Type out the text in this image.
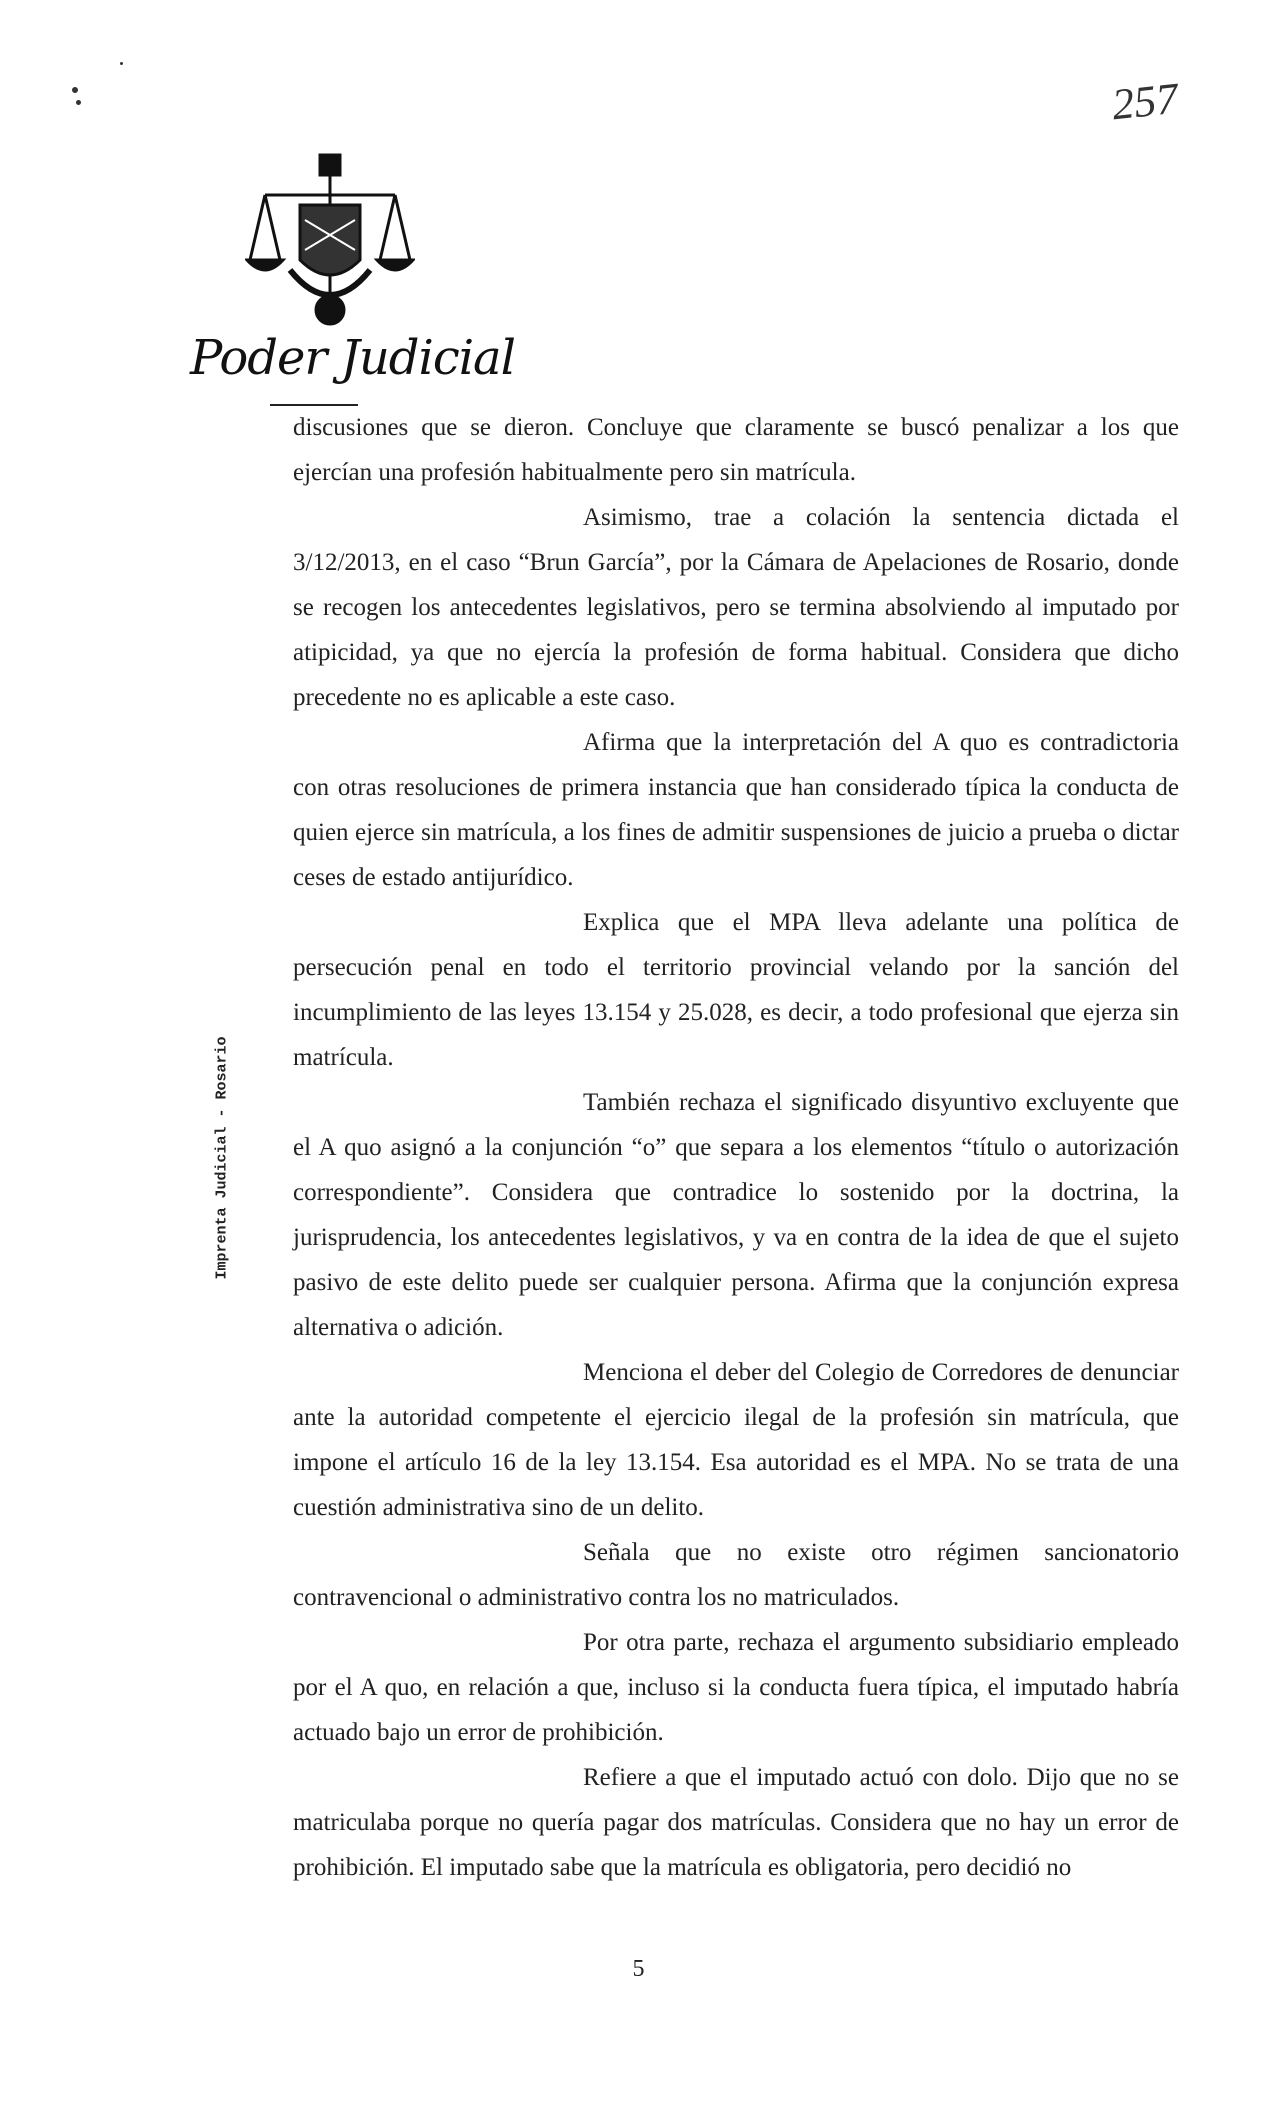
257
Poder Judicial
Imprenta Judicial - Rosario

discusiones que se dieron. Concluye que claramente se buscó penalizar a los que ejercían una profesión habitualmente pero sin matrícula.

Asimismo, trae a colación la sentencia dictada el 3/12/2013, en el caso “Brun García”, por la Cámara de Apelaciones de Rosario, donde se recogen los antecedentes legislativos, pero se termina absolviendo al imputado por atipicidad, ya que no ejercía la profesión de forma habitual. Considera que dicho precedente no es aplicable a este caso.

Afirma que la interpretación del A quo es contradictoria con otras resoluciones de primera instancia que han considerado típica la conducta de quien ejerce sin matrícula, a los fines de admitir suspensiones de juicio a prueba o dictar ceses de estado antijurídico.

Explica que el MPA lleva adelante una política de persecución penal en todo el territorio provincial velando por la sanción del incumplimiento de las leyes 13.154 y 25.028, es decir, a todo profesional que ejerza sin matrícula.

También rechaza el significado disyuntivo excluyente que el A quo asignó a la conjunción “o” que separa a los elementos “título o autorización correspondiente”. Considera que contradice lo sostenido por la doctrina, la jurisprudencia, los antecedentes legislativos, y va en contra de la idea de que el sujeto pasivo de este delito puede ser cualquier persona. Afirma que la conjunción expresa alternativa o adición.

Menciona el deber del Colegio de Corredores de denunciar ante la autoridad competente el ejercicio ilegal de la profesión sin matrícula, que impone el artículo 16 de la ley 13.154. Esa autoridad es el MPA. No se trata de una cuestión administrativa sino de un delito.

Señala que no existe otro régimen sancionatorio contravencional o administrativo contra los no matriculados.

Por otra parte, rechaza el argumento subsidiario empleado por el A quo, en relación a que, incluso si la conducta fuera típica, el imputado habría actuado bajo un error de prohibición.

Refiere a que el imputado actuó con dolo. Dijo que no se matriculaba porque no quería pagar dos matrículas. Considera que no hay un error de prohibición. El imputado sabe que la matrícula es obligatoria, pero decidió no

5
